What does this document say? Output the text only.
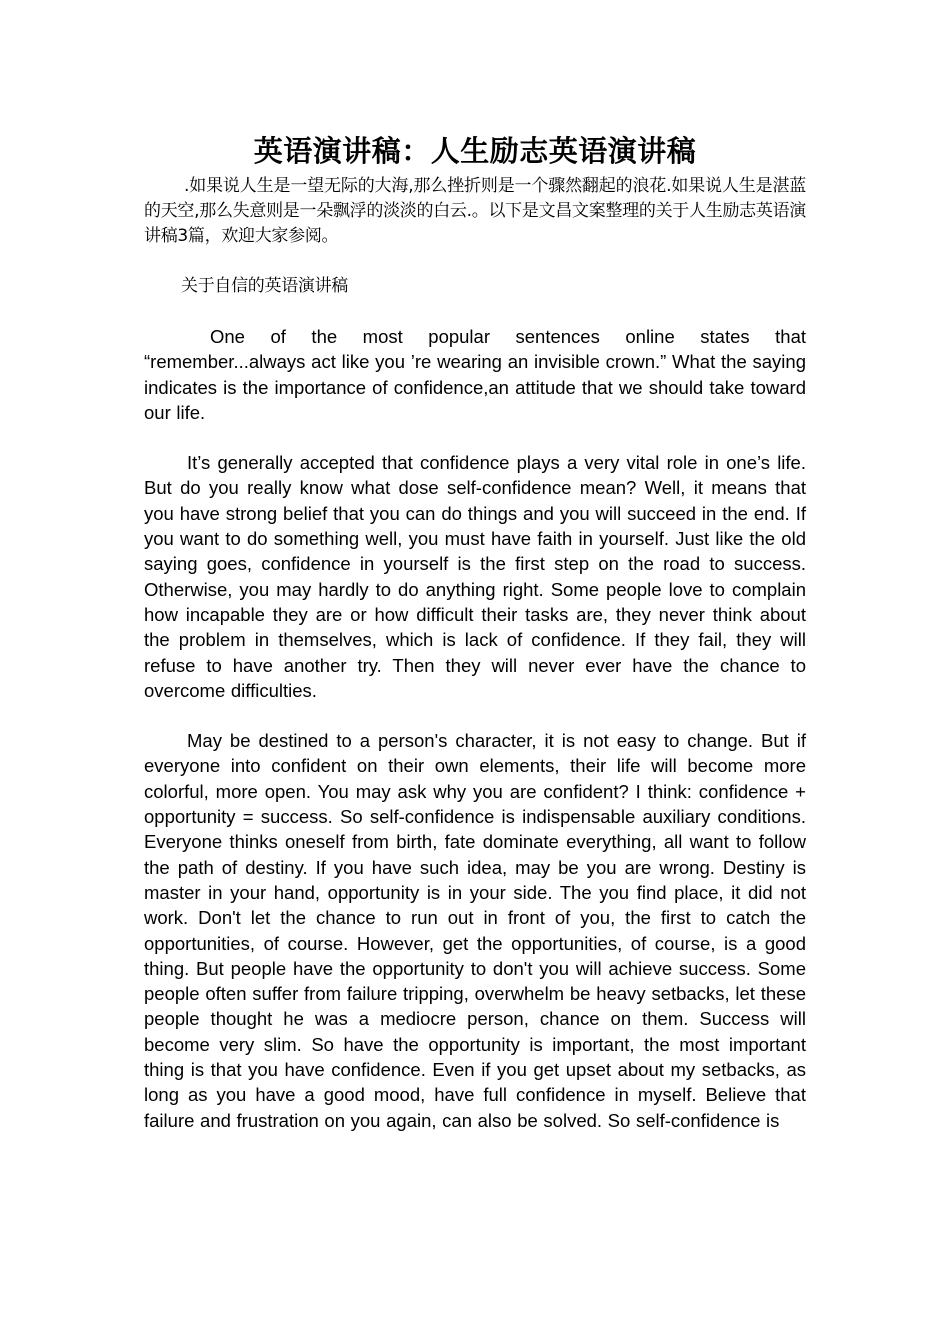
英语演讲稿：人生励志英语演讲稿

.如果说人生是一望无际的大海,那么挫折则是一个骤然翻起的浪花.如果说人生是湛蓝的天空,那么失意则是一朵飘浮的淡淡的白云.。以下是文昌文案整理的关于人生励志英语演讲稿3篇，欢迎大家参阅。

关于自信的英语演讲稿

One of the most popular sentences online states that “remember...always act like you ’re wearing an invisible crown.” What the saying indicates is the importance of confidence,an attitude that we should take toward our life.

It’s generally accepted that confidence plays a very vital role in one’s life. But do you really know what dose self-confidence mean? Well, it means that you have strong belief that you can do things and you will succeed in the end. If you want to do something well, you must have faith in yourself. Just like the old saying goes, confidence in yourself is the first step on the road to success. Otherwise, you may hardly to do anything right. Some people love to complain how incapable they are or how difficult their tasks are, they never think about the problem in themselves, which is lack of confidence. If they fail, they will refuse to have another try. Then they will never ever have the chance to overcome difficulties.

May be destined to a person's character, it is not easy to change. But if everyone into confident on their own elements, their life will become more colorful, more open. You may ask why you are confident? I think: confidence + opportunity = success. So self-confidence is indispensable auxiliary conditions. Everyone thinks oneself from birth, fate dominate everything, all want to follow the path of destiny. If you have such idea, may be you are wrong. Destiny is master in your hand, opportunity is in your side. The you find place, it did not work. Don't let the chance to run out in front of you, the first to catch the opportunities, of course. However, get the opportunities, of course, is a good thing. But people have the opportunity to don't you will achieve success. Some people often suffer from failure tripping, overwhelm be heavy setbacks, let these people thought he was a mediocre person, chance on them. Success will become very slim. So have the opportunity is important, the most important thing is that you have confidence. Even if you get upset about my setbacks, as long as you have a good mood, have full confidence in myself. Believe that failure and frustration on you again, can also be solved. So self-confidence is
